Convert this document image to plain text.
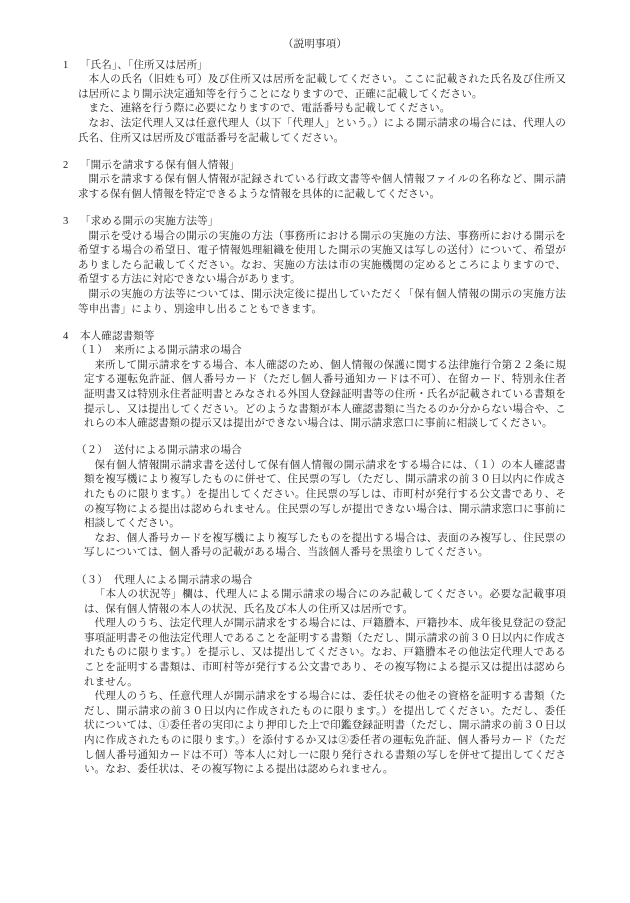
（説明事項）
1 「氏名」、「住所又は居所」

本人の氏名（旧姓も可）及び住所又は居所を記載してください。ここに記載された氏名及び住所又は居所により開示決定通知等を行うことになりますので、正確に記載してください。

また、連絡を行う際に必要になりますので、電話番号も記載してください。

なお、法定代理人又は任意代理人（以下「代理人」という。）による開示請求の場合には、代理人の氏名、住所又は居所及び電話番号を記載してください。

2 「開示を請求する保有個人情報」

開示を請求する保有個人情報が記録されている行政文書等や個人情報ファイルの名称など、開示請求する保有個人情報を特定できるような情報を具体的に記載してください。

3 「求める開示の実施方法等」

開示を受ける場合の開示の実施の方法（事務所における開示の実施の方法、事務所における開示を希望する場合の希望日、電子情報処理組織を使用した開示の実施又は写しの送付）について、希望がありましたら記載してください。なお、実施の方法は市の実施機関の定めるところによりますので、希望する方法に対応できない場合があります。

開示の実施の方法等については、開示決定後に提出していただく「保有個人情報の開示の実施方法等申出書」により、別途申し出ることもできます。

4 本人確認書類等
（１） 来所による開示請求の場合

来所して開示請求をする場合、本人確認のため、個人情報の保護に関する法律施行令第２２条に規定する運転免許証、個人番号カード（ただし個人番号通知カードは不可）、在留カード、特別永住者証明書又は特別永住者証明書とみなされる外国人登録証明書等の住所・氏名が記載されている書類を提示し、又は提出してください。どのような書類が本人確認書類に当たるのか分からない場合や、これらの本人確認書類の提示又は提出ができない場合は、開示請求窓口に事前に相談してください。

（２） 送付による開示請求の場合

保有個人情報開示請求書を送付して保有個人情報の開示請求をする場合には、（１）の本人確認書類を複写機により複写したものに併せて、住民票の写し（ただし、開示請求の前３０日以内に作成されたものに限ります。）を提出してください。住民票の写しは、市町村が発行する公文書であり、その複写物による提出は認められません。住民票の写しが提出できない場合は、開示請求窓口に事前に相談してください。

なお、個人番号カードを複写機により複写したものを提出する場合は、表面のみ複写し、住民票の写しについては、個人番号の記載がある場合、当該個人番号を黒塗りしてください。

（３） 代理人による開示請求の場合

「本人の状況等」欄は、代理人による開示請求の場合にのみ記載してください。必要な記載事項は、保有個人情報の本人の状況、氏名及び本人の住所又は居所です。

代理人のうち、法定代理人が開示請求をする場合には、戸籍謄本、戸籍抄本、成年後見登記の登記事項証明書その他法定代理人であることを証明する書類（ただし、開示請求の前３０日以内に作成されたものに限ります。）を提示し、又は提出してください。なお、戸籍謄本その他法定代理人であることを証明する書類は、市町村等が発行する公文書であり、その複写物による提示又は提出は認められません。

代理人のうち、任意代理人が開示請求をする場合には、委任状その他その資格を証明する書類（ただし、開示請求の前３０日以内に作成されたものに限ります。）を提出してください。ただし、委任状については、①委任者の実印により押印した上で印鑑登録証明書（ただし、開示請求の前３０日以内に作成されたものに限ります。）を添付するか又は②委任者の運転免許証、個人番号カード（ただし個人番号通知カードは不可）等本人に対し一に限り発行される書類の写しを併せて提出してください。なお、委任状は、その複写物による提出は認められません。
